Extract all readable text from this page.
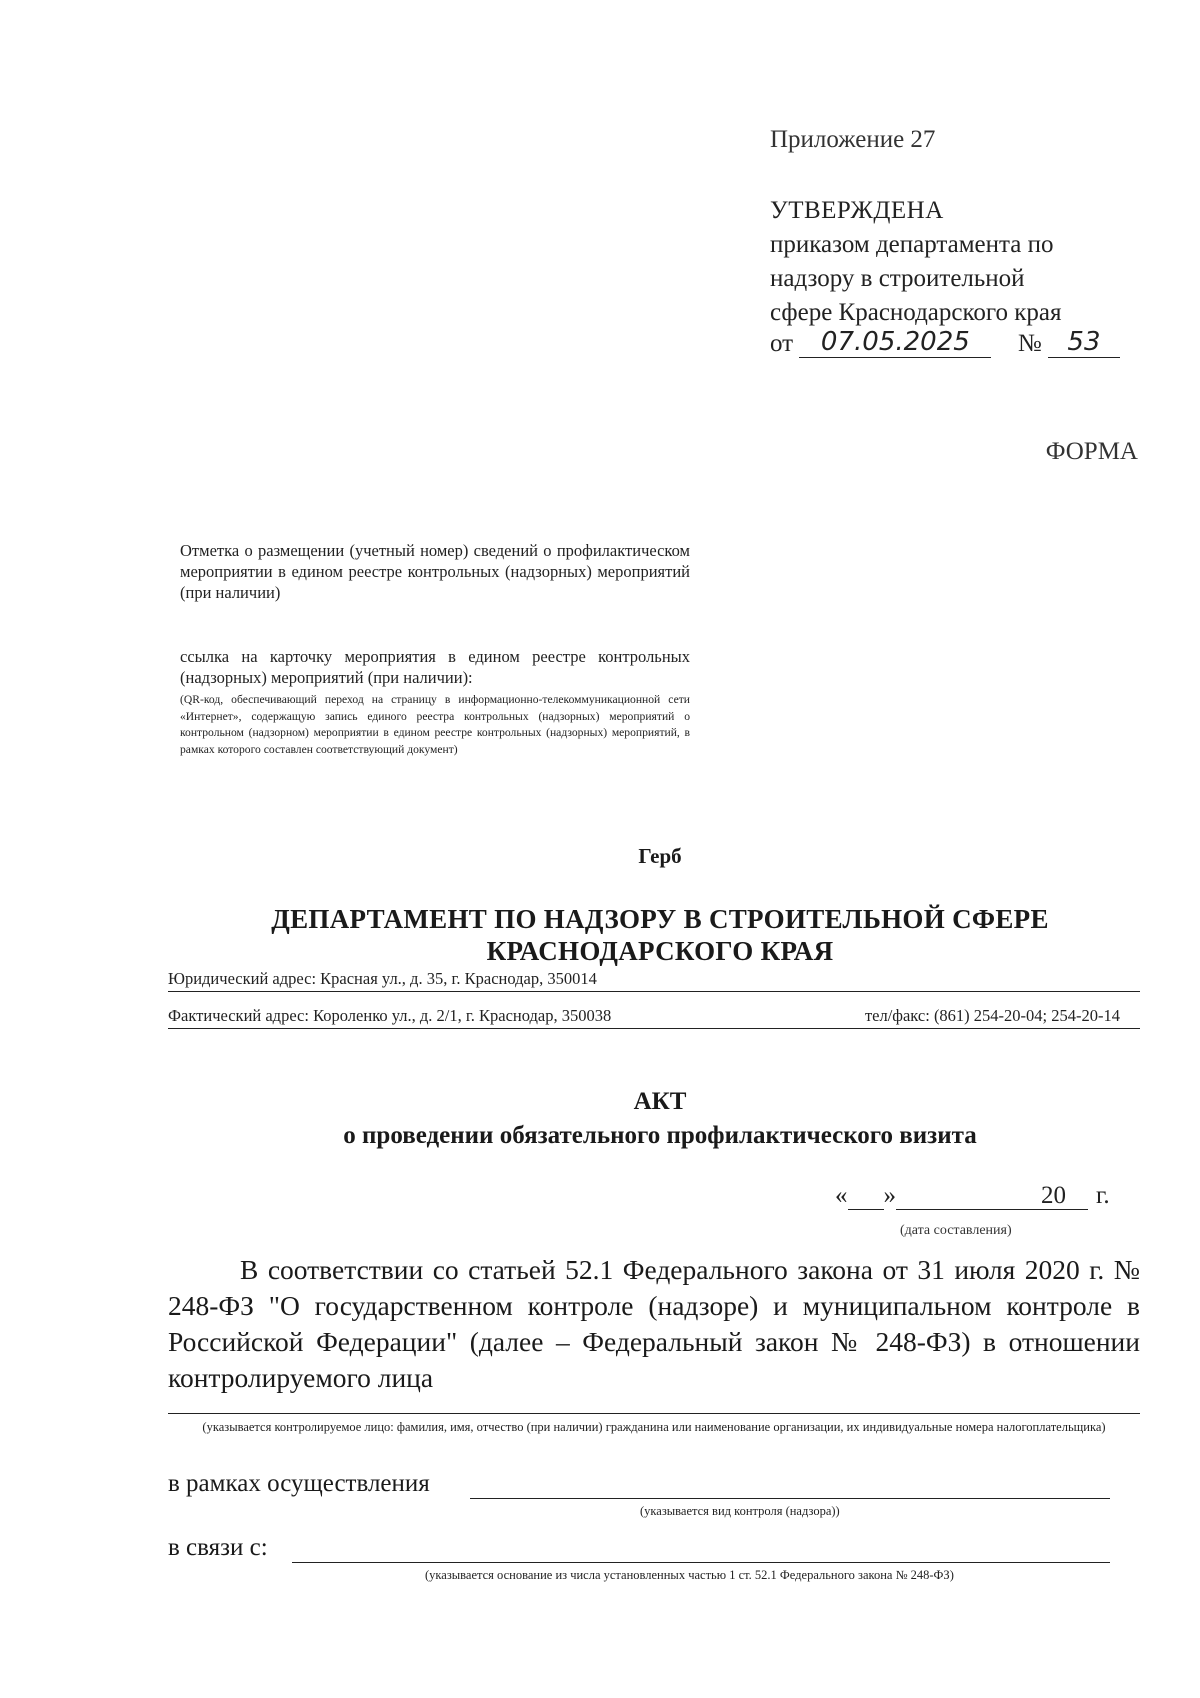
Приложение 27
УТВЕРЖДЕНА
приказом департамента по
надзору в строительной
сфере Краснодарского края
от 07.05.2025 № 53
ФОРМА
Отметка о размещении (учетный номер) сведений о профилактическом мероприятии в едином реестре контрольных (надзорных) мероприятий (при наличии)
ссылка на карточку мероприятия в едином реестре контрольных (надзорных) мероприятий (при наличии):
(QR-код, обеспечивающий переход на страницу в информационно-телекоммуникационной сети «Интернет», содержащую запись единого реестра контрольных (надзорных) мероприятий о контрольном (надзорном) мероприятии в едином реестре контрольных (надзорных) мероприятий, в рамках которого составлен соответствующий документ)
Герб
ДЕПАРТАМЕНТ ПО НАДЗОРУ В СТРОИТЕЛЬНОЙ СФЕРЕ
КРАСНОДАРСКОГО КРАЯ
Юридический адрес: Красная ул., д. 35, г. Краснодар, 350014
Фактический адрес: Короленко ул., д. 2/1, г. Краснодар, 350038	тел/факс: (861) 254-20-04; 254-20-14
АКТ
о проведении обязательного профилактического визита
« »	20 г.
(дата составления)
В соответствии со статьей 52.1 Федерального закона от 31 июля 2020 г. № 248-ФЗ "О государственном контроле (надзоре) и муниципальном контроле в Российской Федерации" (далее – Федеральный закон № 248-ФЗ) в отношении контролируемого лица
(указывается контролируемое лицо: фамилия, имя, отчество (при наличии) гражданина или наименование организации, их индивидуальные номера налогоплательщика)
в рамках осуществления
(указывается вид контроля (надзора))
в связи с:
(указывается основание из числа установленных частью 1 ст. 52.1 Федерального закона № 248-ФЗ)
